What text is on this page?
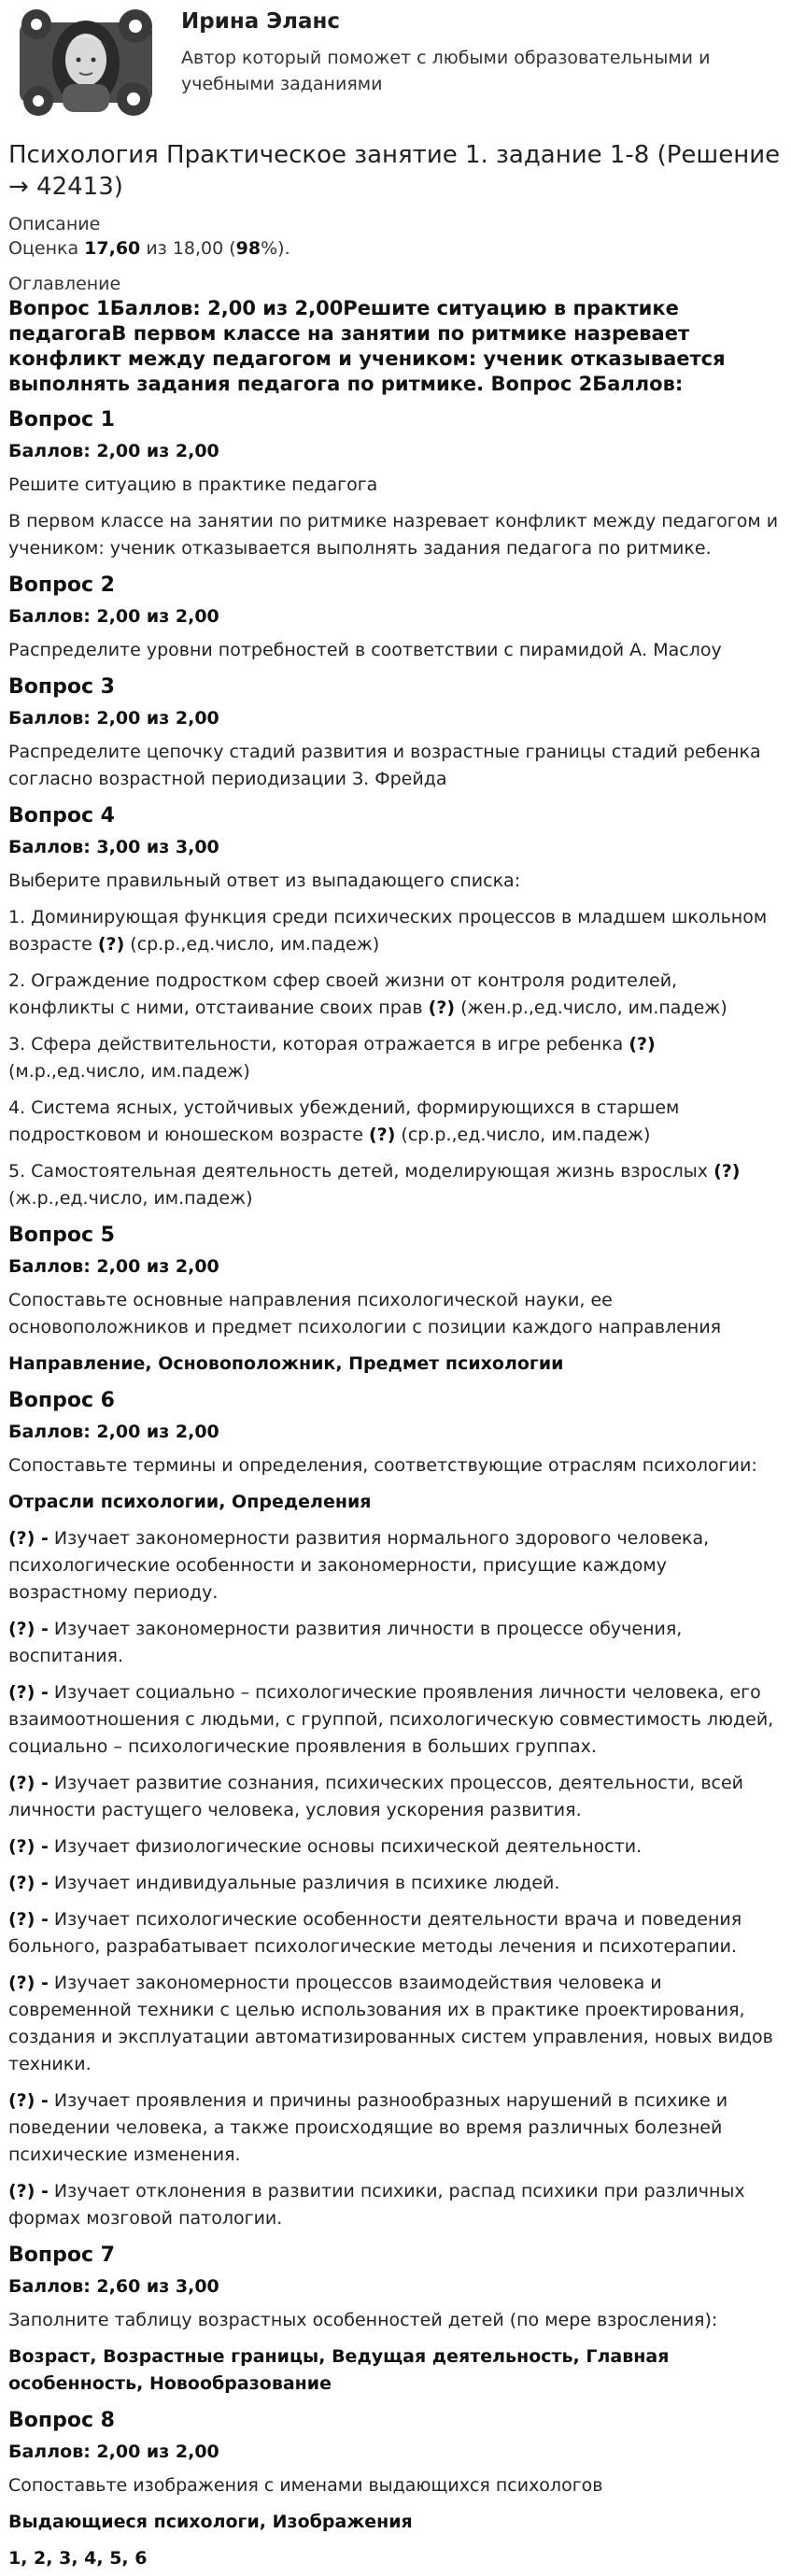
Ирина Эланс
Автор который поможет с любыми образовательными и учебными заданиями
Психология Практическое занятие 1. задание 1-8 (Решение → 42413)
Описание
Оценка 17,60 из 18,00 (98%).
Оглавление
Вопрос 1Баллов: 2,00 из 2,00Решите ситуацию в практике педагогаВ первом классе на занятии по ритмике назревает конфликт между педагогом и учеником: ученик отказывается выполнять задания педагога по ритмике. Вопрос 2Баллов:
Вопрос 1
Баллов: 2,00 из 2,00

Решите ситуацию в практике педагога

В первом классе на занятии по ритмике назревает конфликт между педагогом и учеником: ученик отказывается выполнять задания педагога по ритмике.

Вопрос 2
Баллов: 2,00 из 2,00

Распределите уровни потребностей в соответствии с пирамидой А. Маслоу

Вопрос 3
Баллов: 2,00 из 2,00

Распределите цепочку стадий развития и возрастные границы стадий ребенка согласно возрастной периодизации З. Фрейда

Вопрос 4
Баллов: 3,00 из 3,00

Выберите правильный ответ из выпадающего списка:

1. Доминирующая функция среди психических процессов в младшем школьном возрасте (?) (ср.р.,ед.число, им.падеж)

2. Ограждение подростком сфер своей жизни от контроля родителей, конфликты с ними, отстаивание своих прав (?) (жен.р.,ед.число, им.падеж)

3. Сфера действительности, которая отражается в игре ребенка (?) (м.р.,ед.число, им.падеж)

4. Система ясных, устойчивых убеждений, формирующихся в старшем подростковом и юношеском возрасте (?) (ср.р.,ед.число, им.падеж)

5. Самостоятельная деятельность детей, моделирующая жизнь взрослых (?) (ж.р.,ед.число, им.падеж)

Вопрос 5
Баллов: 2,00 из 2,00

Сопоставьте основные направления психологической науки, ее основоположников и предмет психологии с позиции каждого направления

Направление, Основоположник, Предмет психологии
Вопрос 6
Баллов: 2,00 из 2,00

Сопоставьте термины и определения, соответствующие отраслям психологии:

Отрасли психологии, Определения

(?) - Изучает закономерности развития нормального здорового человека, психологические особенности и закономерности, присущие каждому возрастному периоду.

(?) - Изучает закономерности развития личности в процессе обучения, воспитания.

(?) - Изучает социально – психологические проявления личности человека, его взаимоотношения с людьми, с группой, психологическую совместимость людей, социально – психологические проявления в больших группах.

(?) - Изучает развитие сознания, психических процессов, деятельности, всей личности растущего человека, условия ускорения развития.

(?) - Изучает физиологические основы психической деятельности.

(?) - Изучает индивидуальные различия в психике людей.

(?) - Изучает психологические особенности деятельности врача и поведения больного, разрабатывает психологические методы лечения и психотерапии.

(?) - Изучает закономерности процессов взаимодействия человека и современной техники с целью использования их в практике проектирования, создания и эксплуатации автоматизированных систем управления, новых видов техники.

(?) - Изучает проявления и причины разнообразных нарушений в психике и поведении человека, а также происходящие во время различных болезней психические изменения.

(?) - Изучает отклонения в развитии психики, распад психики при различных формах мозговой патологии.

Вопрос 7
Баллов: 2,60 из 3,00

Заполните таблицу возрастных особенностей детей (по мере взросления):

Возраст, Возрастные границы, Ведущая деятельность, Главная особенность, Новообразование
Вопрос 8
Баллов: 2,00 из 2,00

Сопоставьте изображения с именами выдающихся психологов

Выдающиеся психологи, Изображения
1, 2, 3, 4, 5, 6
